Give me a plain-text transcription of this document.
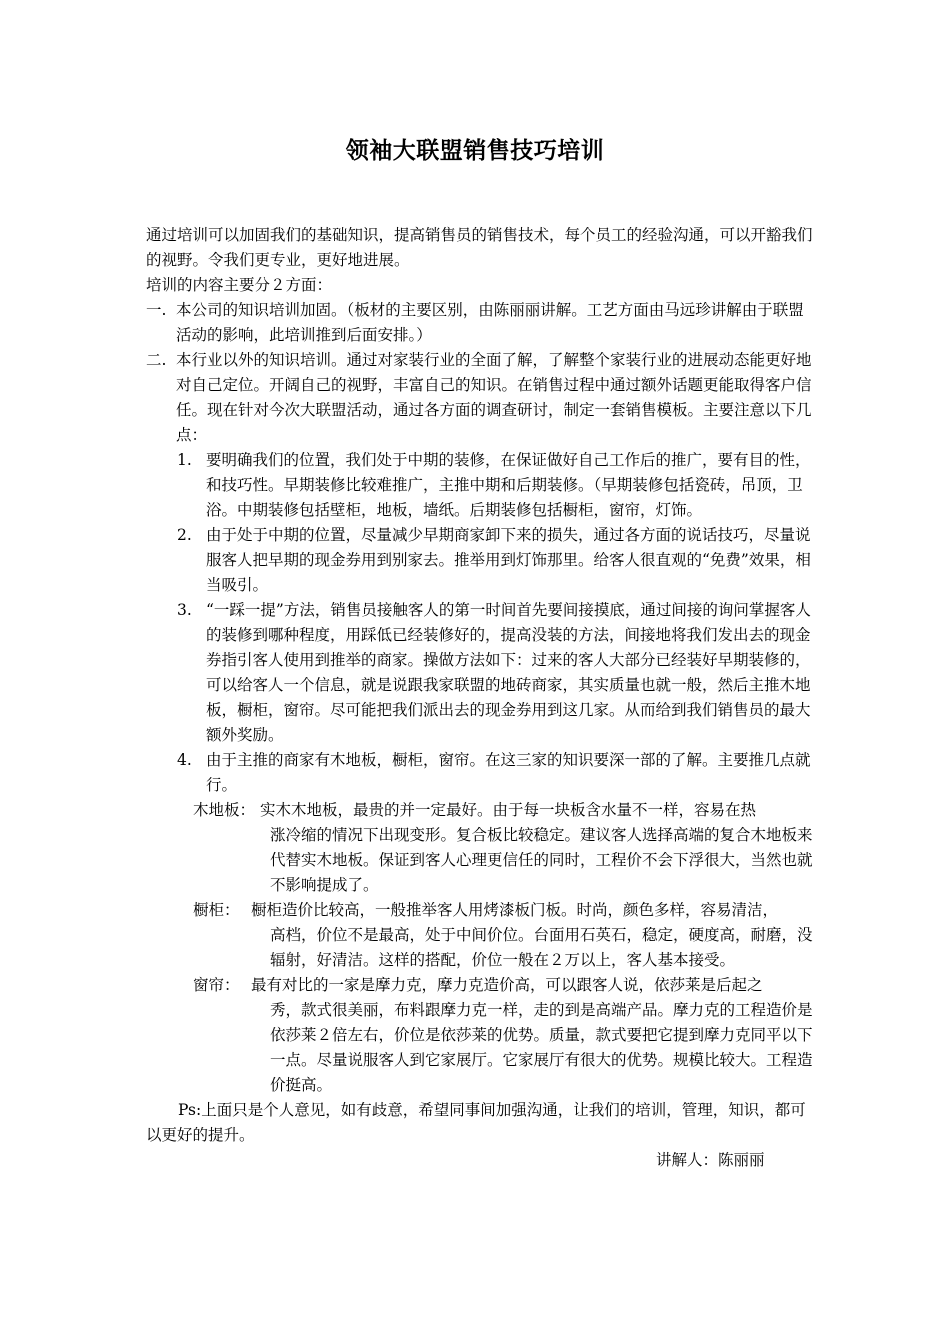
领袖大联盟销售技巧培训

通过培训可以加固我们的基础知识，提高销售员的销售技术，每个员工的经验沟通，可以开豁我们的视野。令我们更专业，更好地进展。

培训的内容主要分２方面：

一. 本公司的知识培训加固。（板材的主要区别，由陈丽丽讲解。工艺方面由马远珍讲解由于联盟活动的影响，此培训推到后面安排。）
二. 本行业以外的知识培训。通过对家装行业的全面了解，了解整个家装行业的进展动态能更好地对自己定位。开阔自己的视野，丰富自己的知识。在销售过程中通过额外话题更能取得客户信任。现在针对今次大联盟活动，通过各方面的调查研讨，制定一套销售模板。主要注意以下几点：
1. 要明确我们的位置，我们处于中期的装修，在保证做好自己工作后的推广，要有目的性，和技巧性。早期装修比较难推广，主推中期和后期装修。（早期装修包括瓷砖，吊顶，卫浴。中期装修包括壁柜，地板，墙纸。后期装修包括橱柜，窗帘，灯饰。
2. 由于处于中期的位置，尽量减少早期商家卸下来的损失，通过各方面的说话技巧，尽量说服客人把早期的现金券用到别家去。推举用到灯饰那里。给客人很直观的“免费”效果，相当吸引。
3. “一踩一提”方法，销售员接触客人的第一时间首先要间接摸底，通过间接的询问掌握客人的装修到哪种程度，用踩低已经装修好的，提高没装的方法，间接地将我们发出去的现金券指引客人使用到推举的商家。操做方法如下：过来的客人大部分已经装好早期装修的，可以给客人一个信息，就是说跟我家联盟的地砖商家，其实质量也就一般，然后主推木地板，橱柜，窗帘。尽可能把我们派出去的现金券用到这几家。从而给到我们销售员的最大额外奖励。
4. 由于主推的商家有木地板，橱柜，窗帘。在这三家的知识要深一部的了解。主要推几点就行。
木地板： 实木木地板，最贵的并一定最好。由于每一块板含水量不一样，容易在热
涨冷缩的情况下出现变形。复合板比较稳定。建议客人选择高端的复合木地板来代替实木地板。保证到客人心理更信任的同时，工程价不会下浮很大，当然也就不影响提成了。
橱柜： 橱柜造价比较高，一般推举客人用烤漆板门板。时尚，颜色多样，容易清洁，
高档，价位不是最高，处于中间价位。台面用石英石，稳定，硬度高，耐磨，没辐射，好清洁。这样的搭配，价位一般在２万以上，客人基本接受。
窗帘： 最有对比的一家是摩力克，摩力克造价高，可以跟客人说，依莎莱是后起之
秀，款式很美丽，布料跟摩力克一样，走的到是高端产品。摩力克的工程造价是依莎莱２倍左右，价位是依莎莱的优势。质量，款式要把它提到摩力克同平以下一点。尽量说服客人到它家展厅。它家展厅有很大的优势。规模比较大。工程造价挺高。

Ps:上面只是个人意见，如有歧意，希望同事间加强沟通，让我们的培训，管理，知识，都可以更好的提升。

讲解人：陈丽丽
